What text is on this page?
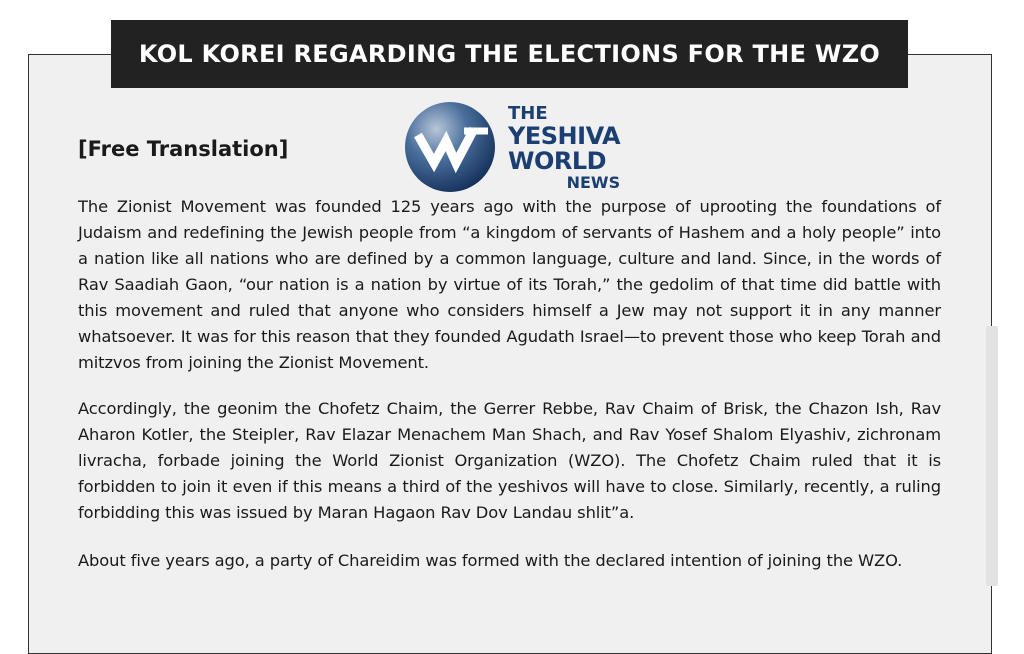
KOL KOREI REGARDING THE ELECTIONS FOR THE WZO
THE
YESHIVA
WORLD
NEWS
[Free Translation]

The Zionist Movement was founded 125 years ago with the purpose of uprooting the foundations of Judaism and redefining the Jewish people from “a kingdom of servants of Hashem and a holy people” into a nation like all nations who are defined by a common language, culture and land. Since, in the words of Rav Saadiah Gaon, “our nation is a nation by virtue of its Torah,” the gedolim of that time did battle with this movement and ruled that anyone who considers himself a Jew may not support it in any manner whatsoever. It was for this reason that they founded Agudath Israel—to prevent those who keep Torah and mitzvos from joining the Zionist Movement.

Accordingly, the geonim the Chofetz Chaim, the Gerrer Rebbe, Rav Chaim of Brisk, the Chazon Ish, Rav Aharon Kotler, the Steipler, Rav Elazar Menachem Man Shach, and Rav Yosef Shalom Elyashiv, zichronam livracha, forbade joining the World Zionist Organization (WZO). The Chofetz Chaim ruled that it is forbidden to join it even if this means a third of the yeshivos will have to close. Similarly, recently, a ruling forbidding this was issued by Maran Hagaon Rav Dov Landau shlit”a.

About five years ago, a party of Chareidim was formed with the declared intention of joining the WZO.
